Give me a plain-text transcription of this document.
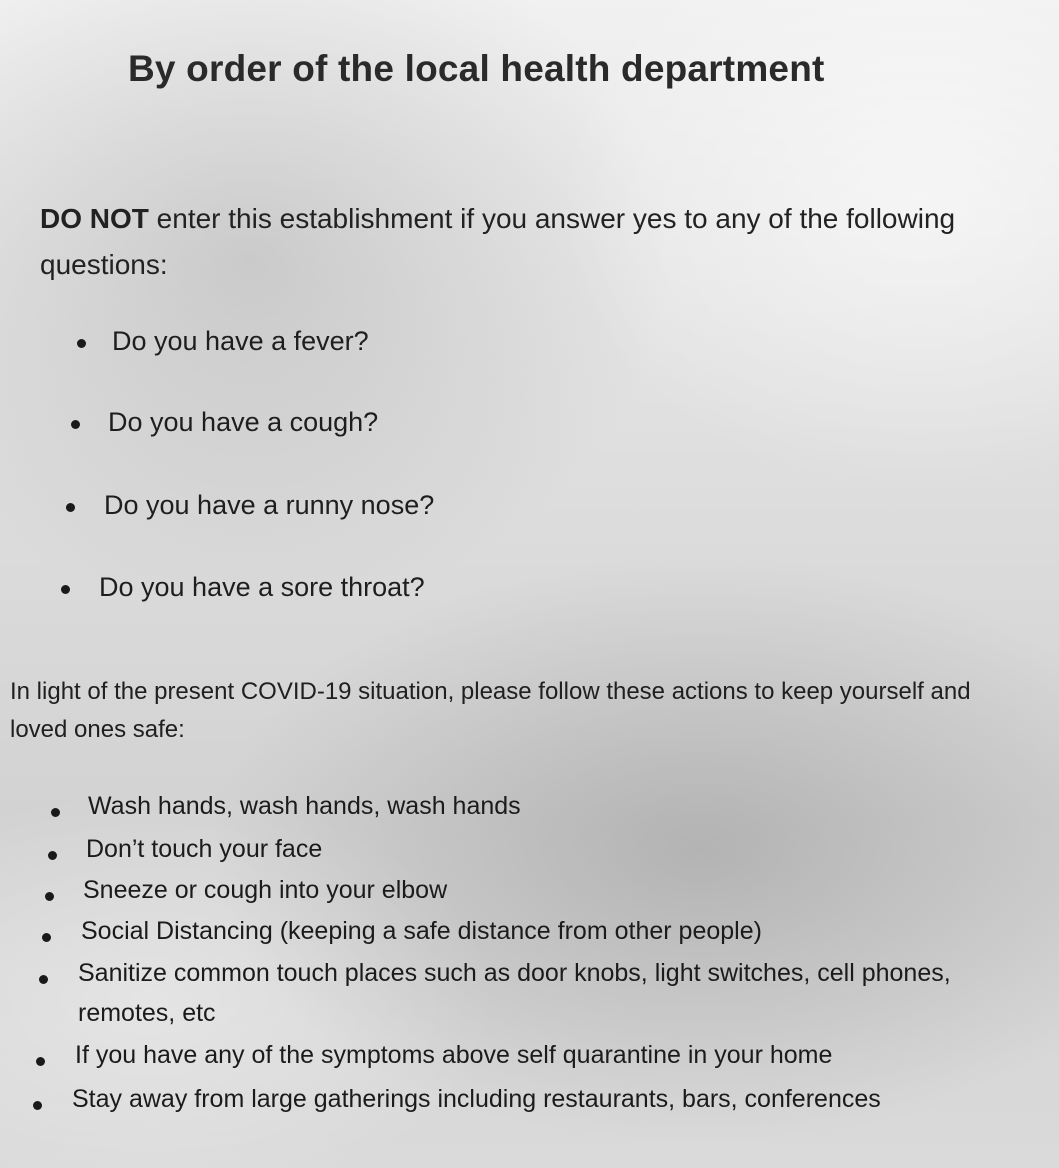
By order of the local health department
DO NOT enter this establishment if you answer yes to any of the following questions:
Do you have a fever?
Do you have a cough?
Do you have a runny nose?
Do you have a sore throat?
In light of the present COVID-19 situation, please follow these actions to keep yourself and loved ones safe:
Wash hands, wash hands, wash hands
Don’t touch your face
Sneeze or cough into your elbow
Social Distancing (keeping a safe distance from other people)
Sanitize common touch places such as door knobs, light switches, cell phones, remotes, etc
If you have any of the symptoms above self quarantine in your home
Stay away from large gatherings including restaurants, bars, conferences
